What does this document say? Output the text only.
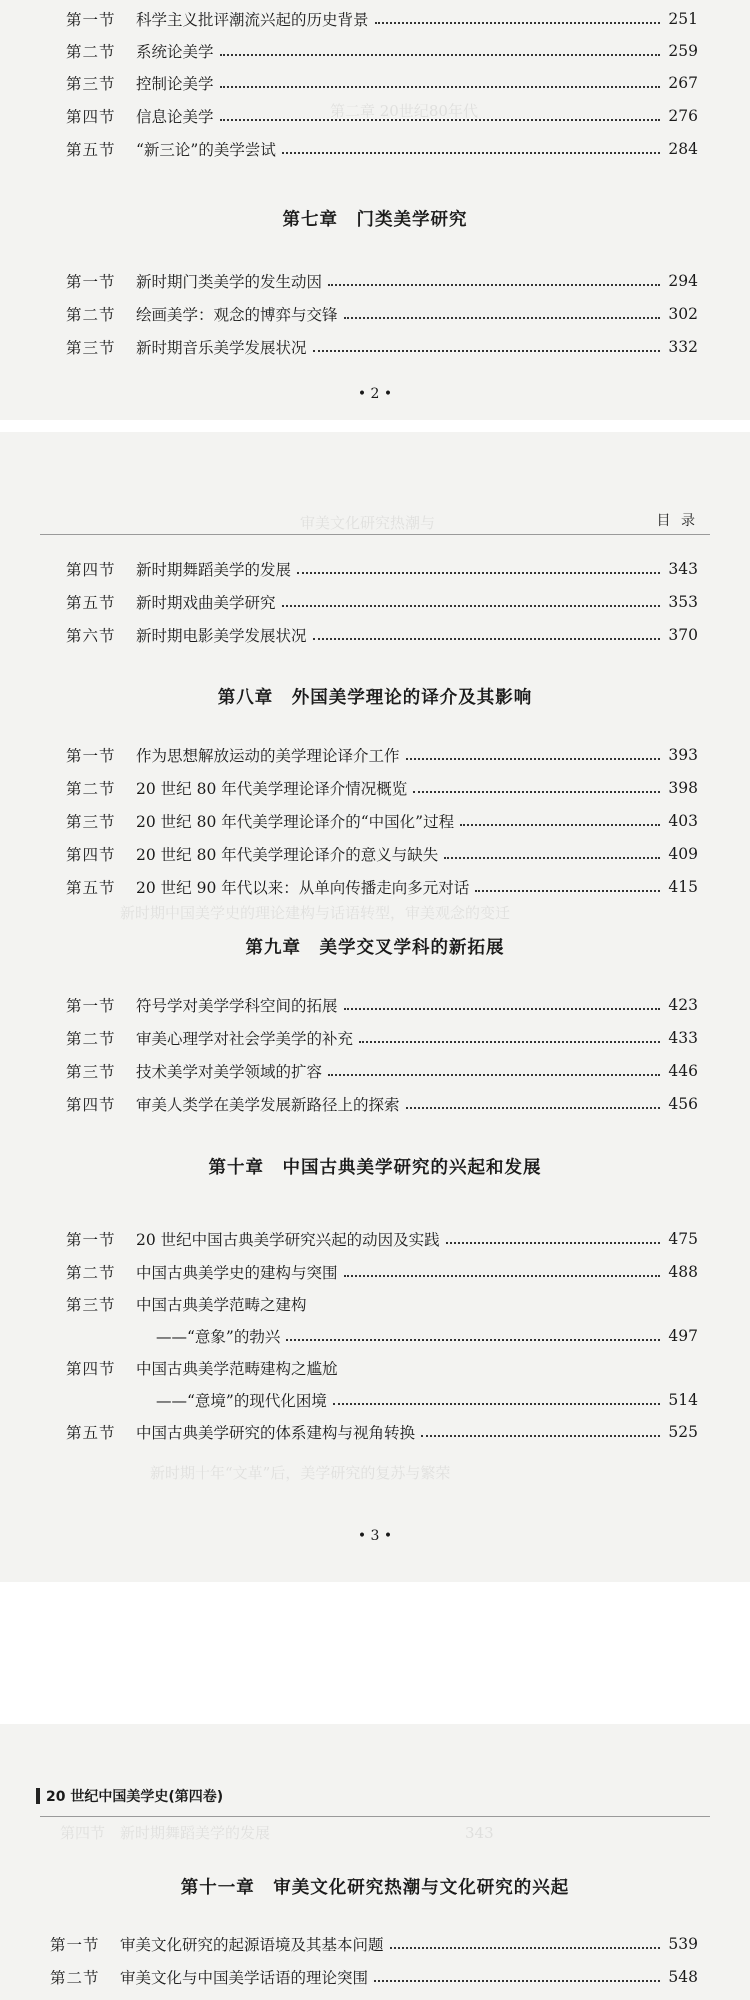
第二章 20世纪80年代
第一节	科学主义批评潮流兴起的历史背景	251
第二节	系统论美学	259
第三节	控制论美学	267
第四节	信息论美学	276
第五节	“新三论”的美学尝试	284
第七章　门类美学研究
第一节	新时期门类美学的发生动因	294
第二节	绘画美学：观念的博弈与交锋	302
第三节	新时期音乐美学发展状况	332
• 2 •
目 录
审美文化研究热潮与
第四节	新时期舞蹈美学的发展	343
第五节	新时期戏曲美学研究	353
第六节	新时期电影美学发展状况	370
第八章　外国美学理论的译介及其影响
第一节	作为思想解放运动的美学理论译介工作	393
第二节	20 世纪 80 年代美学理论译介情况概览	398
第三节	20 世纪 80 年代美学理论译介的“中国化”过程	403
第四节	20 世纪 80 年代美学理论译介的意义与缺失	409
第五节	20 世纪 90 年代以来：从单向传播走向多元对话	415
第九章　美学交叉学科的新拓展
新时期中国美学史的理论建构与话语转型，审美观念的变迁
第一节	符号学对美学学科空间的拓展	423
第二节	审美心理学对社会学美学的补充	433
第三节	技术美学对美学领域的扩容	446
第四节	审美人类学在美学发展新路径上的探索	456
第十章　中国古典美学研究的兴起和发展
第一节	20 世纪中国古典美学研究兴起的动因及实践	475
第二节	中国古典美学史的建构与突围	488
第三节	中国古典美学范畴之建构
——“意象”的勃兴	497
第四节	中国古典美学范畴建构之尴尬
——“意境”的现代化困境	514
第五节	中国古典美学研究的体系建构与视角转换	525
新时期十年“文革”后，美学研究的复苏与繁荣
• 3 •
20 世纪中国美学史(第四卷)
第四节　新时期舞蹈美学的发展　　　　　　　　　　　　　343
第十一章　审美文化研究热潮与文化研究的兴起
第一节	审美文化研究的起源语境及其基本问题	539
第二节	审美文化与中国美学话语的理论突围	548
